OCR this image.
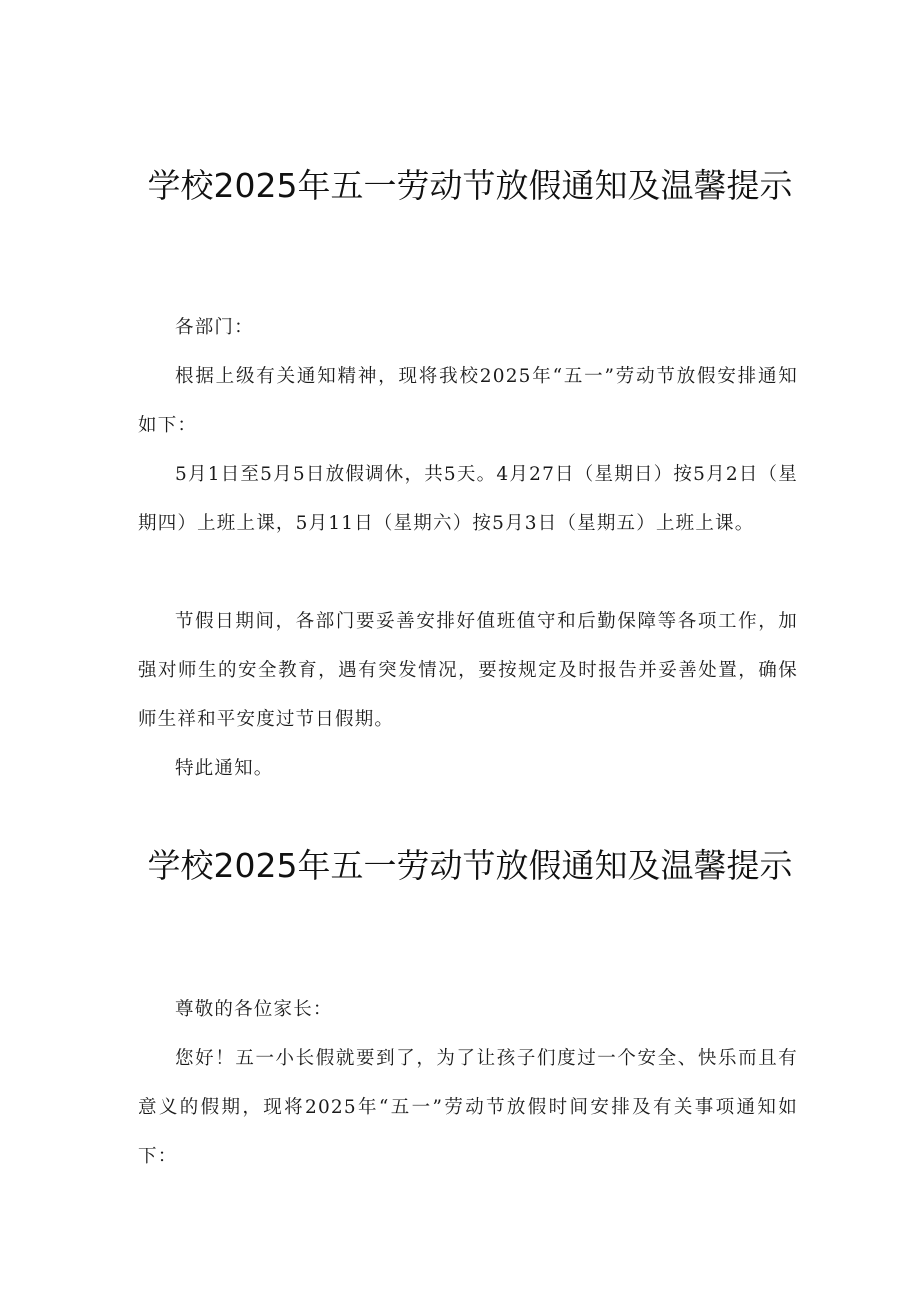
学校2025年五一劳动节放假通知及温馨提示

各部门：

根据上级有关通知精神，现将我校2025年“五一”劳动节放假安排通知如下：

5月1日至5月5日放假调休，共5天。4月27日（星期日）按5月2日（星期四）上班上课，5月11日（星期六）按5月3日（星期五）上班上课。

节假日期间，各部门要妥善安排好值班值守和后勤保障等各项工作，加强对师生的安全教育，遇有突发情况，要按规定及时报告并妥善处置，确保师生祥和平安度过节日假期。

特此通知。

学校2025年五一劳动节放假通知及温馨提示

尊敬的各位家长：

您好！五一小长假就要到了，为了让孩子们度过一个安全、快乐而且有意义的假期，现将2025年“五一”劳动节放假时间安排及有关事项通知如下：
